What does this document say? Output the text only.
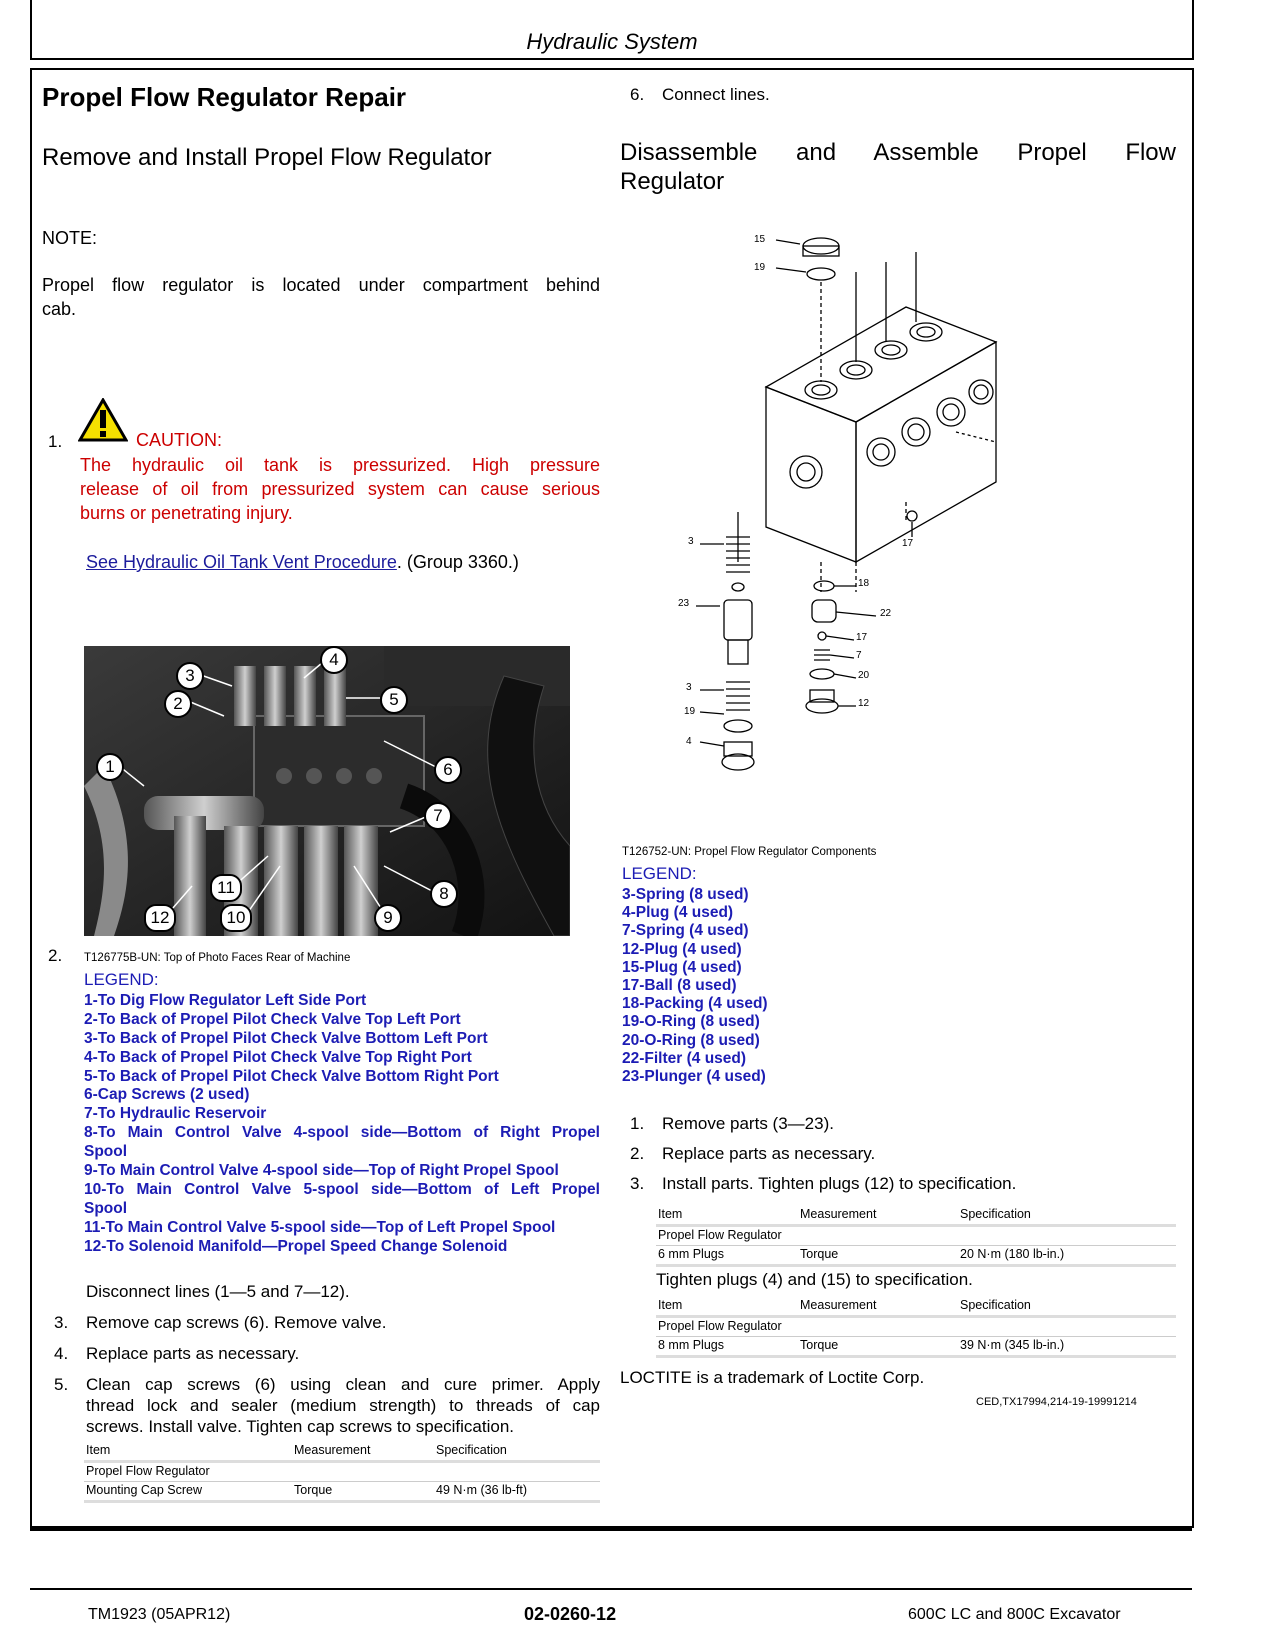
Hydraulic System
Propel Flow Regulator Repair
Remove and Install Propel Flow Regulator
NOTE:
Propel flow regulator is located under compartment behind
cab.
1.	CAUTION:
The hydraulic oil tank is pressurized. High pressure
release of oil from pressurized system can cause serious
burns or penetrating injury.
See Hydraulic Oil Tank Vent Procedure. (Group 3360.)
1
2
3
4
5
6
7
8
9
10
11
12
2. T126775B-UN: Top of Photo Faces Rear of Machine
LEGEND:
1-To Dig Flow Regulator Left Side Port
2-To Back of Propel Pilot Check Valve Top Left Port
3-To Back of Propel Pilot Check Valve Bottom Left Port
4-To Back of Propel Pilot Check Valve Top Right Port
5-To Back of Propel Pilot Check Valve Bottom Right Port
6-Cap Screws (2 used)
7-To Hydraulic Reservoir
8-To Main Control Valve 4-spool side—Bottom of Right Propel
Spool
9-To Main Control Valve 4-spool side—Top of Right Propel Spool
10-To Main Control Valve 5-spool side—Bottom of Left Propel
Spool
11-To Main Control Valve 5-spool side—Top of Left Propel Spool
12-To Solenoid Manifold—Propel Speed Change Solenoid
Disconnect lines (1—5 and 7—12).
3. Remove cap screws (6). Remove valve.
4. Replace parts as necessary.
5. Clean cap screws (6) using clean and cure primer. Apply
thread lock and sealer (medium strength) to threads of cap
screws. Install valve. Tighten cap screws to specification.
Item	Measurement	Specification
Propel Flow Regulator
Mounting Cap Screw	Torque	49 N·m (36 lb-ft)
6. Connect lines.
Disassemble and Assemble Propel Flow
Regulator
15
19
17
3
18
23
22
17
7
20
3
12
19
4
T126752-UN: Propel Flow Regulator Components
LEGEND:
3-Spring (8 used)
4-Plug (4 used)
7-Spring (4 used)
12-Plug (4 used)
15-Plug (4 used)
17-Ball (8 used)
18-Packing (4 used)
19-O-Ring (8 used)
20-O-Ring (8 used)
22-Filter (4 used)
23-Plunger (4 used)
1. Remove parts (3—23).
2. Replace parts as necessary.
3. Install parts. Tighten plugs (12) to specification.
Item	Measurement	Specification
Propel Flow Regulator
6 mm Plugs	Torque	20 N·m (180 lb-in.)
Tighten plugs (4) and (15) to specification.
Item	Measurement	Specification
Propel Flow Regulator
8 mm Plugs	Torque	39 N·m (345 lb-in.)
LOCTITE is a trademark of Loctite Corp.
CED,TX17994,214-19-19991214
TM1923 (05APR12)	02-0260-12	600C LC and 800C Excavator
